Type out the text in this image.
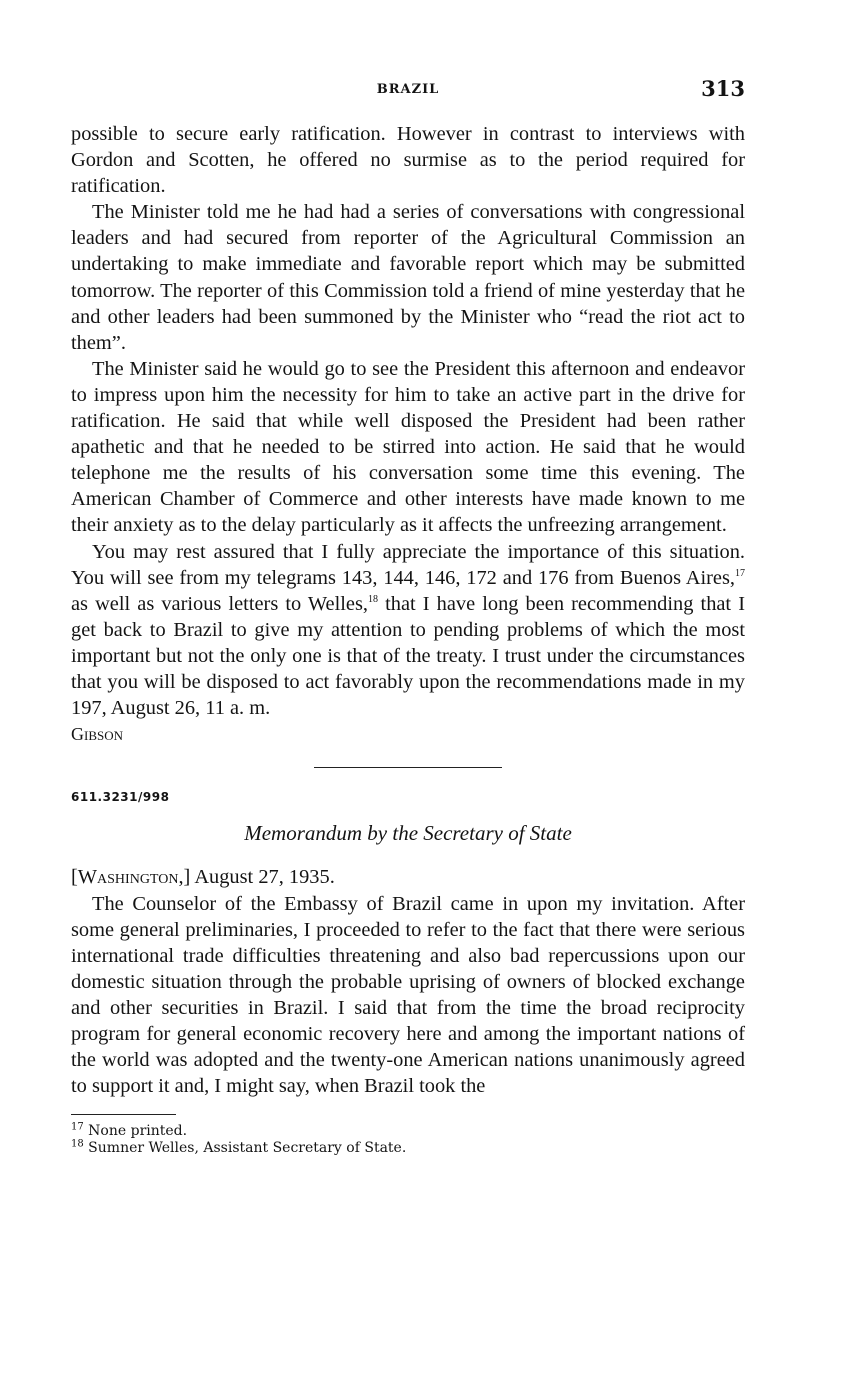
BRAZIL	313

possible to secure early ratification. However in contrast to interviews with Gordon and Scotten, he offered no surmise as to the period required for ratification.

The Minister told me he had had a series of conversations with congressional leaders and had secured from reporter of the Agricultural Commission an undertaking to make immediate and favorable report which may be submitted tomorrow. The reporter of this Commission told a friend of mine yesterday that he and other leaders had been summoned by the Minister who “read the riot act to them”.

The Minister said he would go to see the President this afternoon and endeavor to impress upon him the necessity for him to take an active part in the drive for ratification. He said that while well disposed the President had been rather apathetic and that he needed to be stirred into action. He said that he would telephone me the results of his conversation some time this evening. The American Chamber of Commerce and other interests have made known to me their anxiety as to the delay particularly as it affects the unfreezing arrangement.

You may rest assured that I fully appreciate the importance of this situation. You will see from my telegrams 143, 144, 146, 172 and 176 from Buenos Aires,$^{17}$ as well as various letters to Welles,$^{18}$ that I have long been recommending that I get back to Brazil to give my attention to pending problems of which the most important but not the only one is that of the treaty. I trust under the circumstances that you will be disposed to act favorably upon the recommendations made in my 197, August 26, 11 a. m.

Gibson

611.3231/998
Memorandum by the Secretary of State

[Washington,] August 27, 1935.

The Counselor of the Embassy of Brazil came in upon my invitation. After some general preliminaries, I proceeded to refer to the fact that there were serious international trade difficulties threatening and also bad repercussions upon our domestic situation through the probable uprising of owners of blocked exchange and other securities in Brazil. I said that from the time the broad reciprocity program for general economic recovery here and among the important nations of the world was adopted and the twenty-one American nations unanimously agreed to support it and, I might say, when Brazil took the

$^{17}$ None printed.

$^{18}$ Sumner Welles, Assistant Secretary of State.
